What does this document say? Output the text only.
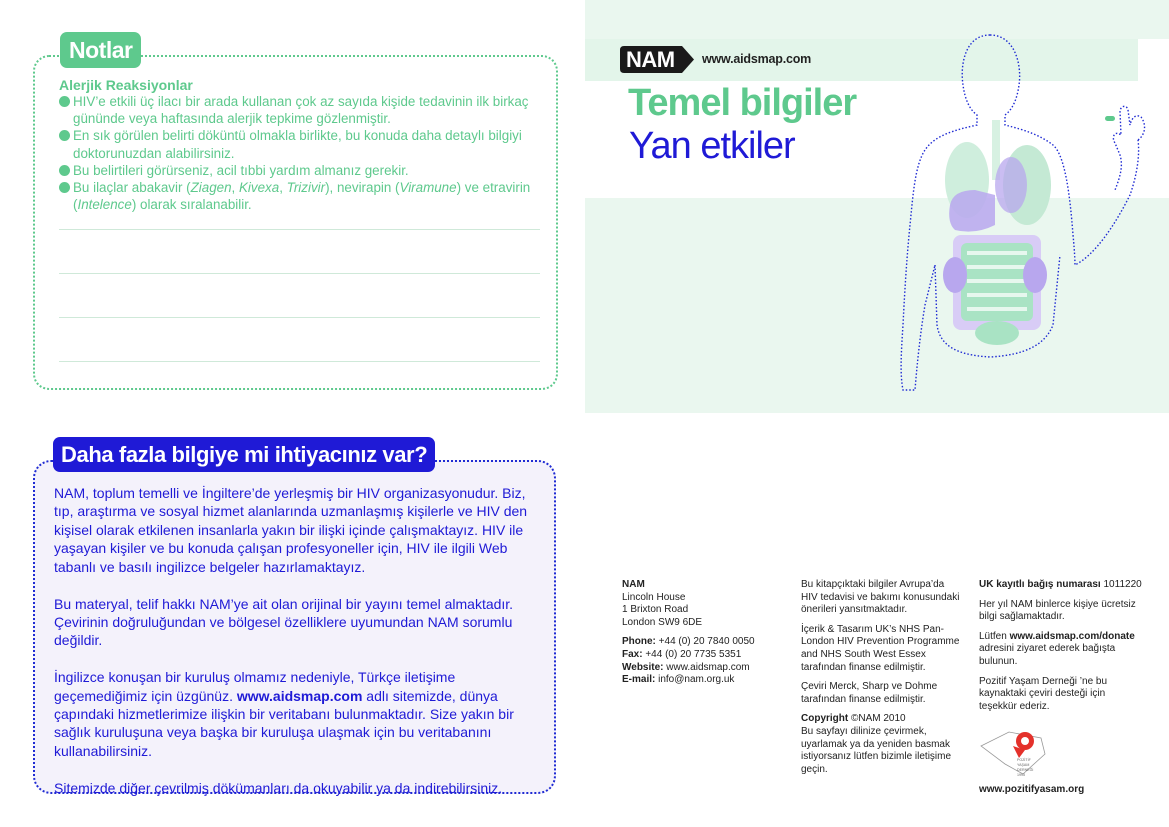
Notlar
Alerjik Reaksiyonlar
HIV’e etkili üç ilacı bir arada kullanan çok az sayıda kişide tedavinin ilk birkaç gününde veya haftasında alerjik tepkime gözlenmiştir.
En sık görülen belirti döküntü olmakla birlikte, bu konuda daha detaylı bilgiyi doktorunuzdan alabilirsiniz.
Bu belirtileri görürseniz, acil tıbbi yardım almanız gerekir.
Bu ilaçlar abakavir (Ziagen, Kivexa, Trizivir), nevirapin (Viramune) ve etravirin (Intelence) olarak sıralanabilir.
Daha fazla bilgiye mi ihtiyacınız var?

NAM, toplum temelli ve İngiltere’de yerleşmiş bir HIV organizasyonudur. Biz, tıp, araştırma ve sosyal hizmet alanlarında uzmanlaşmış kişilerle ve HIV den kişisel olarak etkilenen insanlarla yakın bir ilişki içinde çalışmaktayız. HIV ile yaşayan kişiler ve bu konuda çalışan profesyoneller için, HIV ile ilgili Web tabanlı ve basılı ingilizce belgeler hazırlamaktayız.

Bu materyal, telif hakkı NAM’ye ait olan orijinal bir yayını temel almaktadır. Çevirinin doğruluğundan ve bölgesel özelliklere uyumundan NAM sorumlu değildir.

İngilizce konuşan bir kuruluş olmamız nedeniyle, Türkçe iletişime geçemediğimiz için üzgünüz. www.aidsmap.com adlı sitemizde, dünya çapındaki hizmetlerimize ilişkin bir veritabanı bulunmaktadır. Size yakın bir sağlık kuruluşuna veya başka bir kuruluşa ulaşmak için bu veritabanını kullanabilirsiniz.

Sitemizde diğer çevrilmiş dökümanları da okuyabilir ya da indirebilirsiniz.

NAM	www.aidsmap.com
Temel bilgiler
Yan etkiler
NAM
Lincoln House
1 Brixton Road
London SW9 6DE
Phone: +44 (0) 20 7840 0050
Fax: +44 (0) 20 7735 5351
Website: www.aidsmap.com
E-mail: info@nam.org.uk
Bu kitapçıktaki bilgiler Avrupa’da HIV tedavisi ve bakımı konusundaki önerileri yansıtmaktadır.
İçerik & Tasarım UK’s NHS Pan-London HIV Prevention Programme and NHS South West Essex tarafından finanse edilmiştir.
Çeviri Merck, Sharp ve Dohme tarafından finanse edilmiştir.
Copyright ©NAM 2010
Bu sayfayı dilinize çevirmek, uyarlamak ya da yeniden basmak istiyorsanız lütfen bizimle iletişime geçin.
UK kayıtlı bağış numarası 1011220
Her yıl NAM binlerce kişiye ücretsiz bilgi sağlamaktadır.
Lütfen www.aidsmap.com/donate adresini ziyaret ederek bağışta bulunun.
Pozitif Yaşam Derneği ’ne bu kaynaktaki çeviri desteği için teşekkür ederiz.
POZİTİF
YAŞAM
DERNEĞİ
1995
www.pozitifyasam.org
